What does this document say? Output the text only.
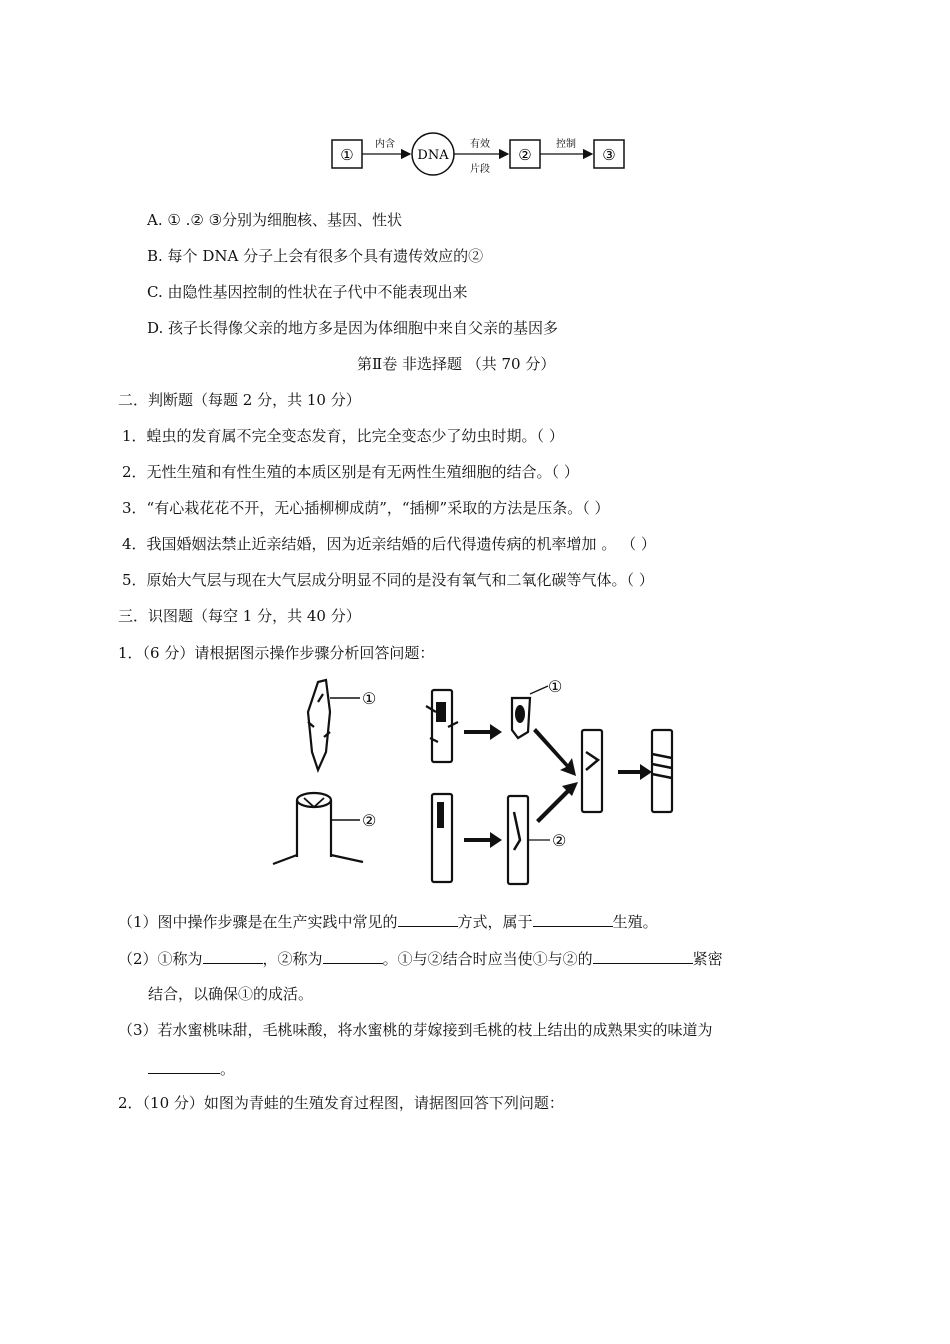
①
内含
DNA
有效
片段
②
控制
③
A. ① .② ③分别为细胞核、基因、性状
B. 每个 DNA 分子上会有很多个具有遗传效应的②
C. 由隐性基因控制的性状在子代中不能表现出来
D. 孩子长得像父亲的地方多是因为体细胞中来自父亲的基因多
第Ⅱ卷 非选择题 （共 70 分）
二．判断题（每题 2 分，共 10 分）
1．蝗虫的发育属不完全变态发育，比完全变态少了幼虫时期。（ ）
2．无性生殖和有性生殖的本质区别是有无两性生殖细胞的结合。（ ）
3．“有心栽花花不开，无心插柳柳成荫”，“插柳”采取的方法是压条。（ ）
4．我国婚姻法禁止近亲结婚，因为近亲结婚的后代得遗传病的机率增加 。 （ ）
5．原始大气层与现在大气层成分明显不同的是没有氧气和二氧化碳等气体。（ ）
三．识图题（每空 1 分，共 40 分）
1．（6 分）请根据图示操作步骤分析回答问题：
①
②
①
②
（1）图中操作步骤是在生产实践中常见的	方式，属于	生殖。
（2）①称为	，②称为	。①与②结合时应当使①与②的	紧密
结合，以确保①的成活。
（3）若水蜜桃味甜，毛桃味酸，将水蜜桃的芽嫁接到毛桃的枝上结出的成熟果实的味道为
。
2．（10 分）如图为青蛙的生殖发育过程图，请据图回答下列问题：
